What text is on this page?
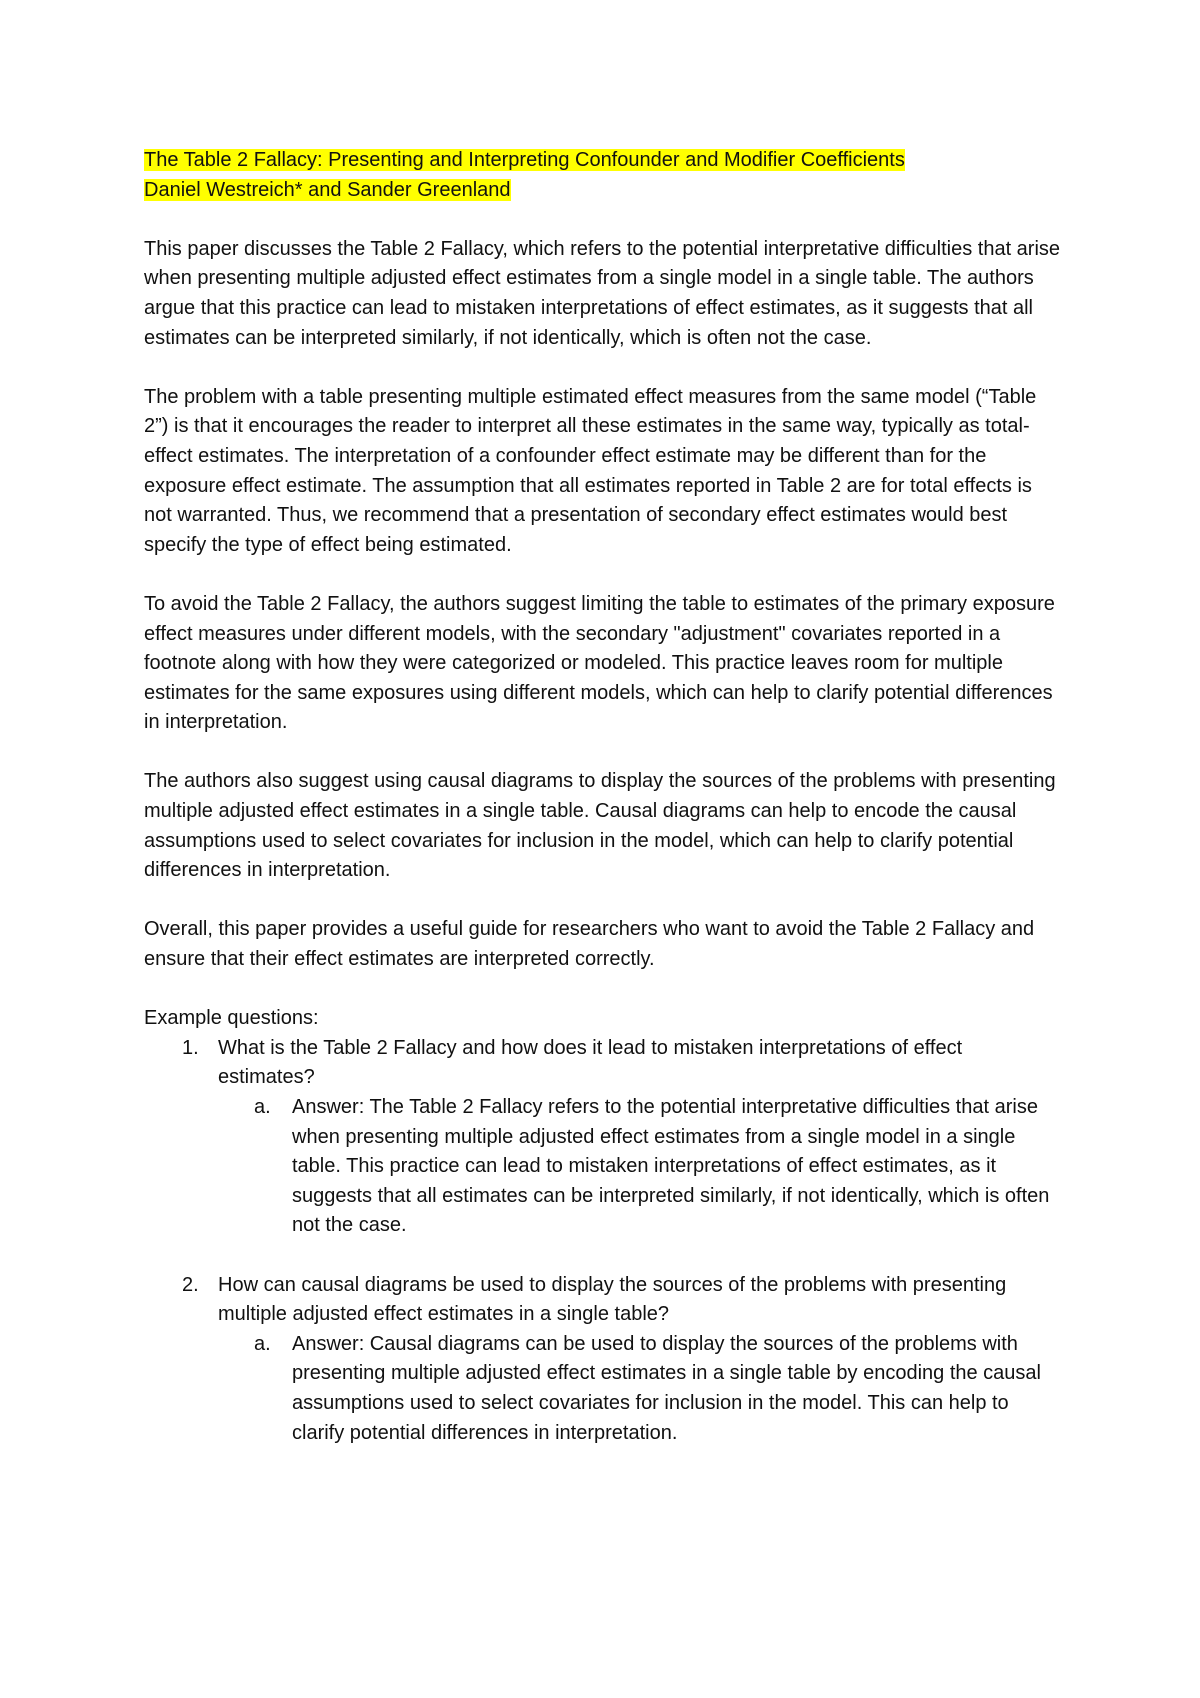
The Table 2 Fallacy: Presenting and Interpreting Confounder and Modifier Coefficients
Daniel Westreich* and Sander Greenland

This paper discusses the Table 2 Fallacy, which refers to the potential interpretative difficulties that arise when presenting multiple adjusted effect estimates from a single model in a single table. The authors argue that this practice can lead to mistaken interpretations of effect estimates, as it suggests that all estimates can be interpreted similarly, if not identically, which is often not the case.

The problem with a table presenting multiple estimated effect measures from the same model (“Table 2”) is that it encourages the reader to interpret all these estimates in the same way, typically as total-effect estimates. The interpretation of a confounder effect estimate may be different than for the exposure effect estimate. The assumption that all estimates reported in Table 2 are for total effects is not warranted. Thus, we recommend that a presentation of secondary effect estimates would best specify the type of effect being estimated.

To avoid the Table 2 Fallacy, the authors suggest limiting the table to estimates of the primary exposure effect measures under different models, with the secondary "adjustment" covariates reported in a footnote along with how they were categorized or modeled. This practice leaves room for multiple estimates for the same exposures using different models, which can help to clarify potential differences in interpretation.

The authors also suggest using causal diagrams to display the sources of the problems with presenting multiple adjusted effect estimates in a single table. Causal diagrams can help to encode the causal assumptions used to select covariates for inclusion in the model, which can help to clarify potential differences in interpretation.

Overall, this paper provides a useful guide for researchers who want to avoid the Table 2 Fallacy and ensure that their effect estimates are interpreted correctly.

Example questions:
1. What is the Table 2 Fallacy and how does it lead to mistaken interpretations of effect estimates?
a. Answer: The Table 2 Fallacy refers to the potential interpretative difficulties that arise when presenting multiple adjusted effect estimates from a single model in a single table. This practice can lead to mistaken interpretations of effect estimates, as it suggests that all estimates can be interpreted similarly, if not identically, which is often not the case.
2. How can causal diagrams be used to display the sources of the problems with presenting multiple adjusted effect estimates in a single table?
a. Answer: Causal diagrams can be used to display the sources of the problems with presenting multiple adjusted effect estimates in a single table by encoding the causal assumptions used to select covariates for inclusion in the model. This can help to clarify potential differences in interpretation.
